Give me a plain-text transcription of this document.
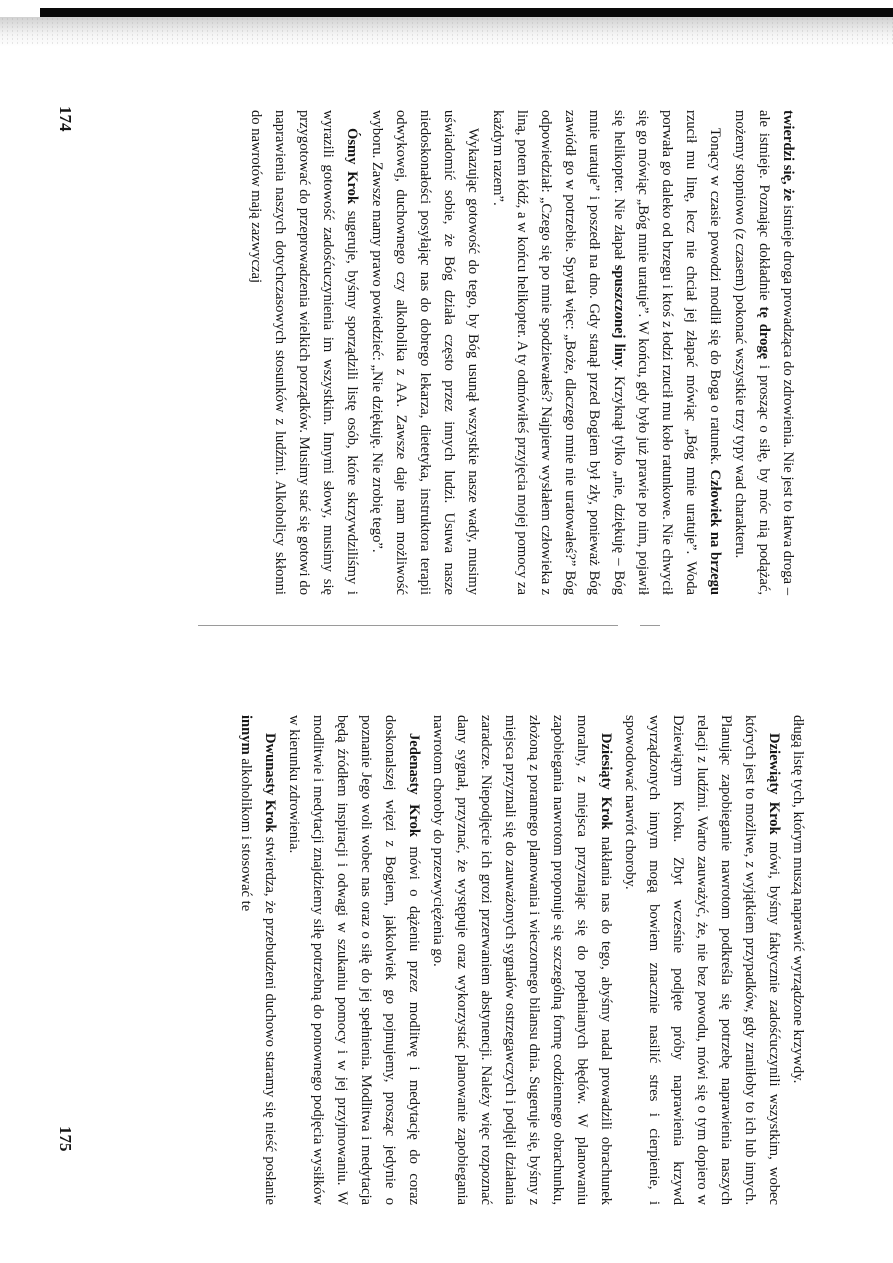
twierdzi się, że istnieje droga prowadząca do zdrowienia. Nie jest to łatwa droga – ale istnieje. Poznając dokładnie tę drogę i prosząc o siłę, by móc nią podążać, możemy stopniowo (z czasem) pokonać wszystkie trzy typy wad charakteru.

Tonący w czasie powodzi modlił się do Boga o ratunek. Człowiek na brzegu rzucił mu linę, lecz nie chciał jej złapać mówiąc „Bóg mnie uratuje”. Woda porwała go daleko od brzegu i ktoś z łodzi rzucił mu koło ratunkowe. Nie chwycił się go mówiąc „Bóg mnie uratuje”. W końcu, gdy było już prawie po nim, pojawił się helikopter. Nie złapał spuszczonej liny. Krzyknął tylko „nie, dziękuję – Bóg mnie uratuje” i poszedł na dno. Gdy stanął przed Bogiem był zły, ponieważ Bóg zawiódł go w potrzebie. Spytał więc: „Boże, dlaczego mnie nie uratowałeś?” Bóg odpowiedział: „Czego się po mnie spodziewałeś? Najpierw wysłałem człowieka z liną, potem łódź, a w końcu helikopter. A ty odmówiłeś przyjęcia mojej pomocy za każdym razem”.

Wykazując gotowość do tego, by Bóg usunął wszystkie nasze wady, musimy uświadomić sobie, że Bóg działa często przez innych ludzi. Usuwa nasze niedoskonałości posyłając nas do dobrego lekarza, dietetyka, instruktora terapii odwykowej, duchownego czy alkoholika z AA. Zawsze daje nam możliwość wyboru. Zawsze mamy prawo powiedzieć: „Nie dziękuję. Nie zrobię tego”.

Ósmy Krok sugeruje, byśmy sporządzili listę osób, które skrzywdziliśmy i wyrazili gotowość zadośćuczynienia im wszystkim. Innymi słowy, musimy się przygotować do przeprowadzenia wielkich porządków. Musimy stać się gotowi do naprawienia naszych dotychczasowych stosunków z ludźmi. Alkoholicy skłonni do nawrotów mają zazwyczaj

174

długą listę tych, którym muszą naprawić wyrządzone krzywdy.

Dziewiąty Krok mówi, byśmy faktycznie zadośćuczynili wszystkim, wobec których jest to możliwe, z wyjątkiem przypadków, gdy zraniłoby to ich lub innych. Planując zapobieganie nawrotom podkreśla się potrzebę naprawienia naszych relacji z ludźmi. Warto zauważyć, że, nie bez powodu, mówi się o tym dopiero w Dziewiątym Kroku. Zbyt wcześnie podjęte próby naprawienia krzywd wyrządzonych innym mogą bowiem znacznie nasilić stres i cierpienie, i spowodować nawrót choroby.

Dziesiąty Krok nakłania nas do tego, abyśmy nadal prowadzili obrachunek moralny, z miejsca przyznając się do popełnianych błędów. W planowaniu zapobiegania nawrotom proponuje się szczególną formę codziennego obrachunku, złożoną z porannego planowania i wieczornego bilansu dnia. Sugeruje się, byśmy z miejsca przyznali się do zauważonych sygnałów ostrzegawczych i podjęli działania zaradcze. Niepodjęcie ich grozi przerwaniem abstynencji. Należy więc rozpoznać dany sygnał, przyznać, że występuje oraz wykorzystać planowanie zapobiegania nawrotom choroby do przezwyciężenia go.

Jedenasty Krok mówi o dążeniu przez modlitwę i medytację do coraz doskonalszej więzi z Bogiem, jakkolwiek go pojmujemy, prosząc jedynie o poznanie Jego woli wobec nas oraz o siłę do jej spełnienia. Modlitwa i medytacja będą źródłem inspiracji i odwagi w szukaniu pomocy i w jej przyjmowaniu. W modlitwie i medytacji znajdziemy siłę potrzebną do ponownego podjęcia wysiłków w kierunku zdrowienia.

Dwunasty Krok stwierdza, że przebudzeni duchowo staramy się nieść posłanie innym alkoholikom i stosować te

175
